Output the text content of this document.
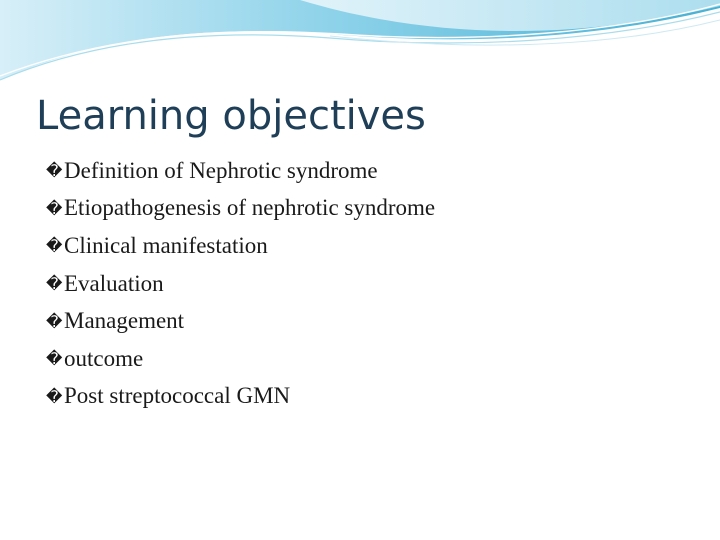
Learning objectives
� Definition of Nephrotic syndrome
� Etiopathogenesis of nephrotic syndrome
� Clinical manifestation
� Evaluation
� Management
� outcome
� Post streptococcal GMN
